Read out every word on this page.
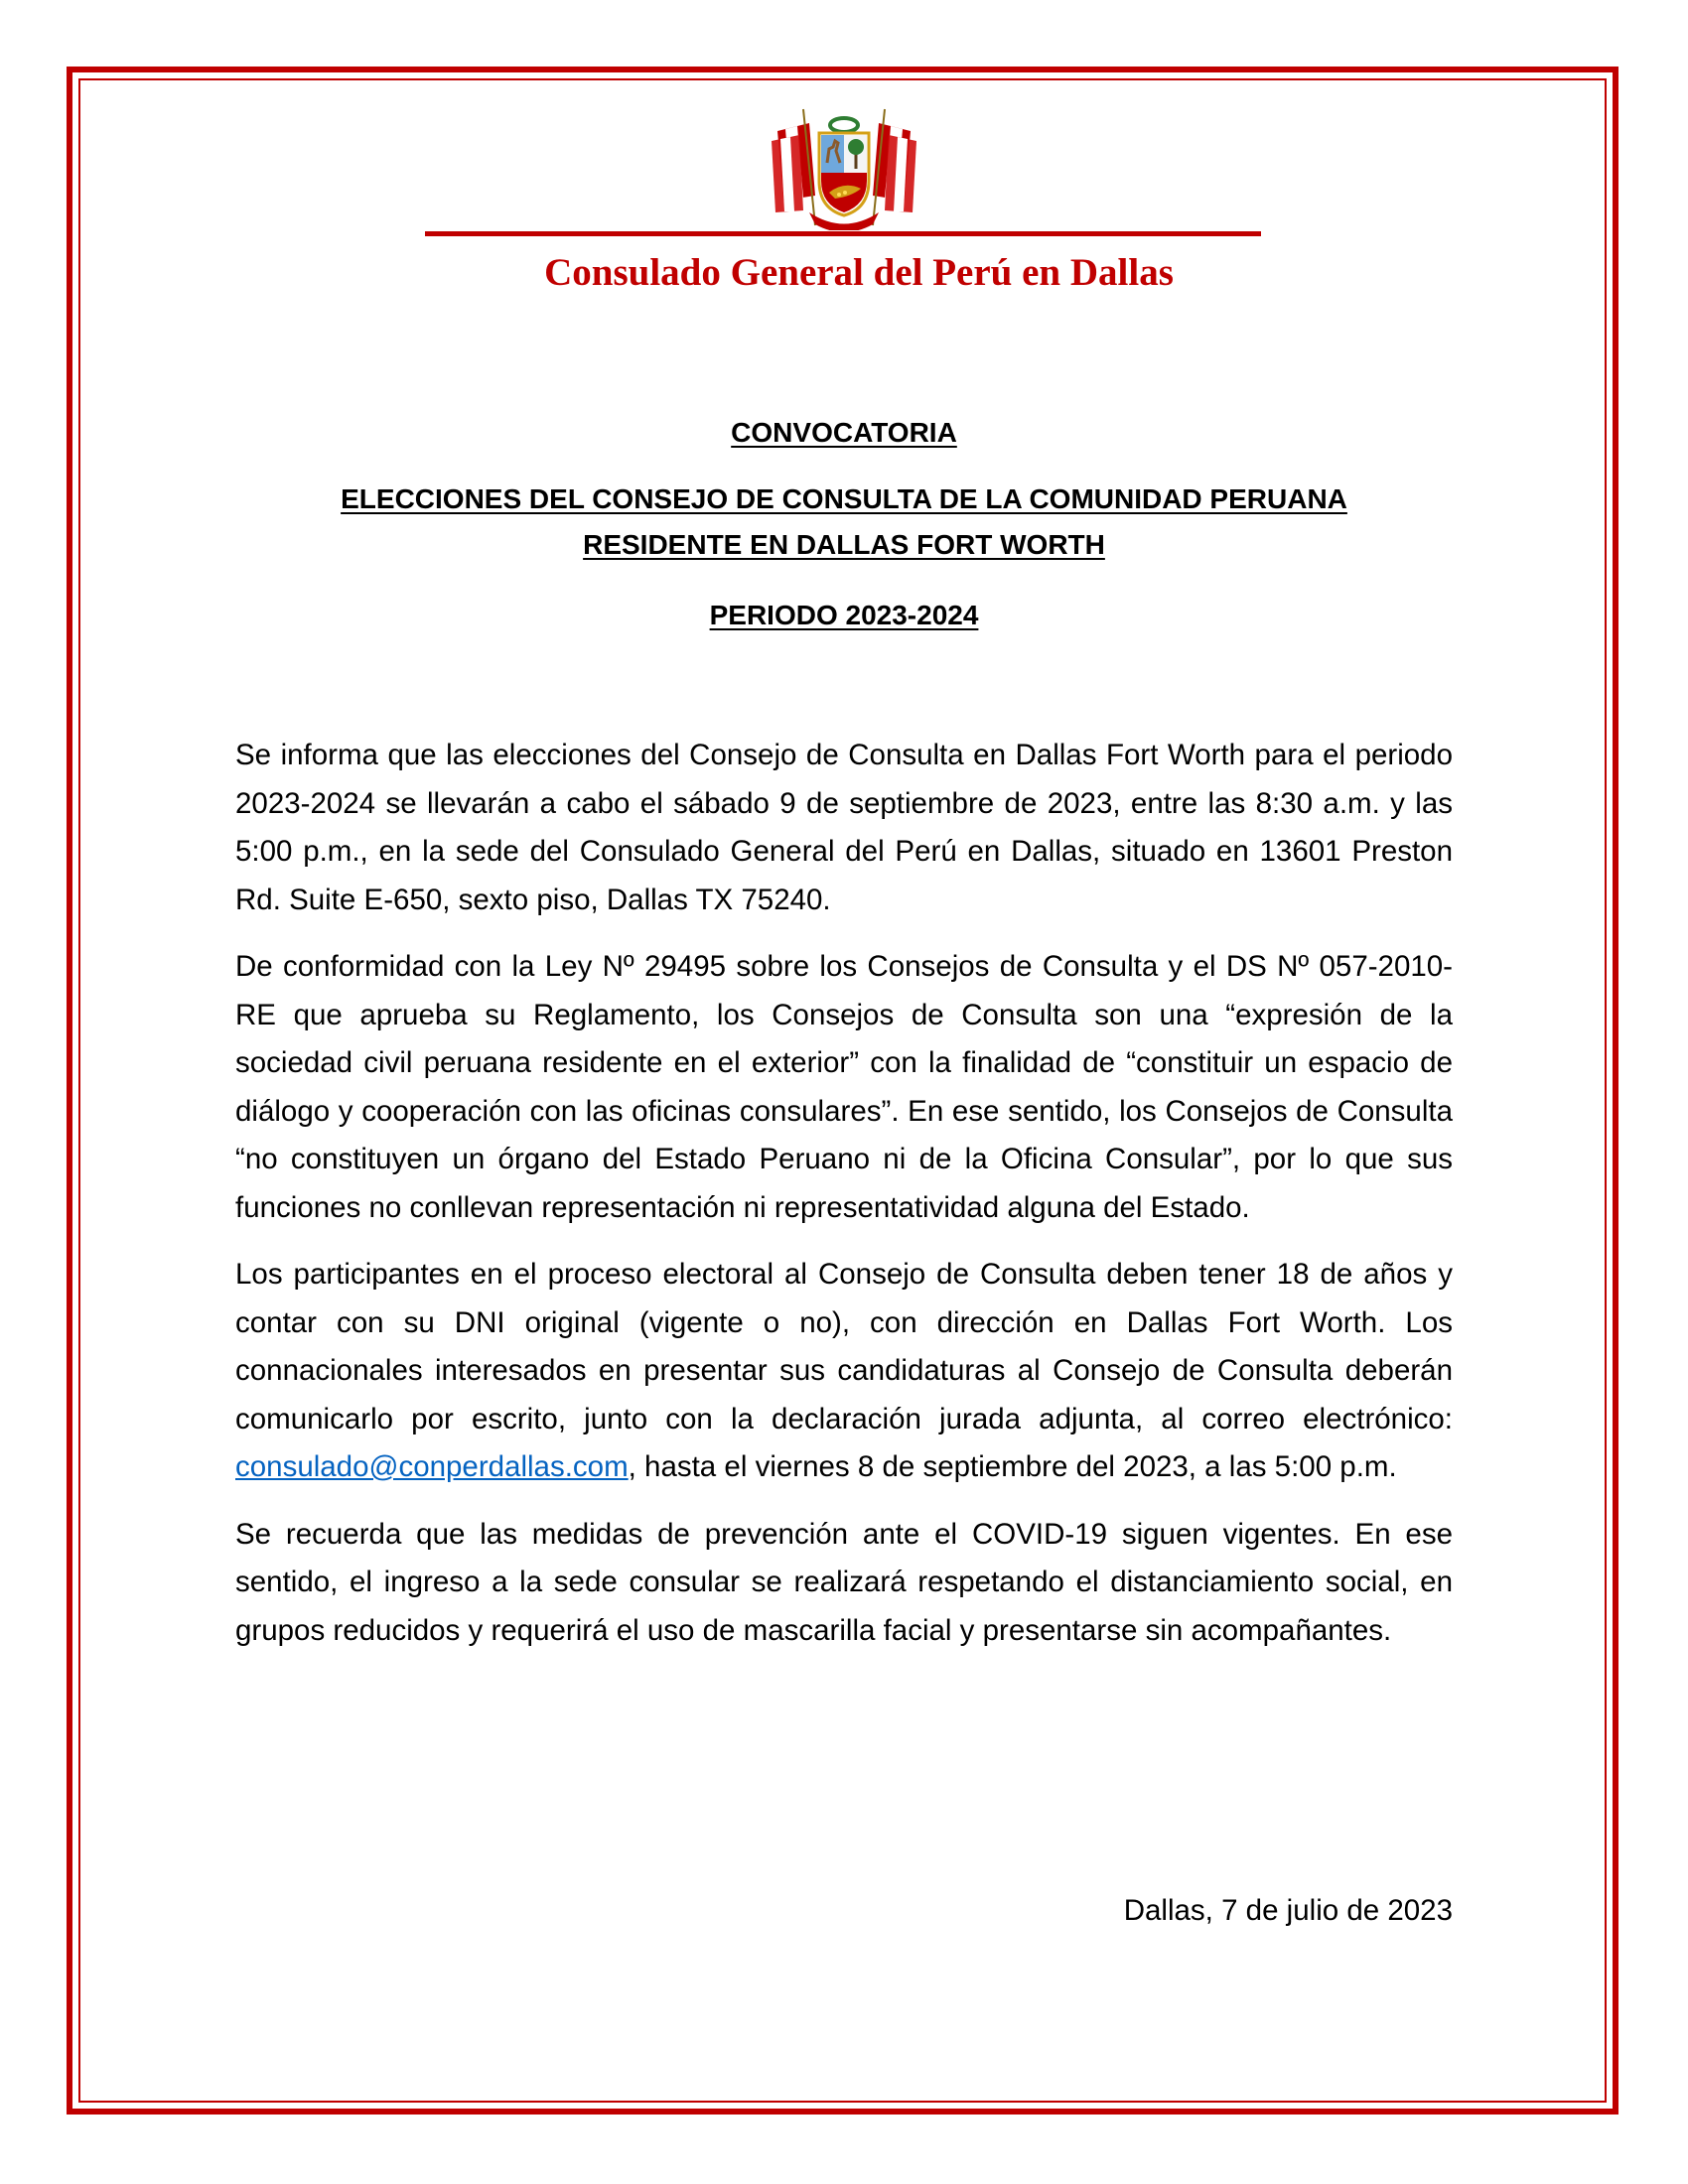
Consulado General del Perú en Dallas
CONVOCATORIA
ELECCIONES DEL CONSEJO DE CONSULTA DE LA COMUNIDAD PERUANA
RESIDENTE EN DALLAS FORT WORTH
PERIODO 2023-2024

Se informa que las elecciones del Consejo de Consulta en Dallas Fort Worth para el periodo 2023-2024 se llevarán a cabo el sábado 9 de septiembre de 2023, entre las 8:30 a.m. y las 5:00 p.m., en la sede del Consulado General del Perú en Dallas, situado en 13601 Preston Rd. Suite E-650, sexto piso, Dallas TX 75240.

De conformidad con la Ley Nº 29495 sobre los Consejos de Consulta y el DS Nº 057-2010-RE que aprueba su Reglamento, los Consejos de Consulta son una “expresión de la sociedad civil peruana residente en el exterior” con la finalidad de “constituir un espacio de diálogo y cooperación con las oficinas consulares”. En ese sentido, los Consejos de Consulta “no constituyen un órgano del Estado Peruano ni de la Oficina Consular”, por lo que sus funciones no conllevan representación ni representatividad alguna del Estado.

Los participantes en el proceso electoral al Consejo de Consulta deben tener 18 de años y contar con su DNI original (vigente o no), con dirección en Dallas Fort Worth. Los connacionales interesados en presentar sus candidaturas al Consejo de Consulta deberán comunicarlo por escrito, junto con la declaración jurada adjunta, al correo electrónico: consulado@conperdallas.com, hasta el viernes 8 de septiembre del 2023, a las 5:00 p.m.

Se recuerda que las medidas de prevención ante el COVID-19 siguen vigentes. En ese sentido, el ingreso a la sede consular se realizará respetando el distanciamiento social, en grupos reducidos y requerirá el uso de mascarilla facial y presentarse sin acompañantes.

Dallas, 7 de julio de 2023
